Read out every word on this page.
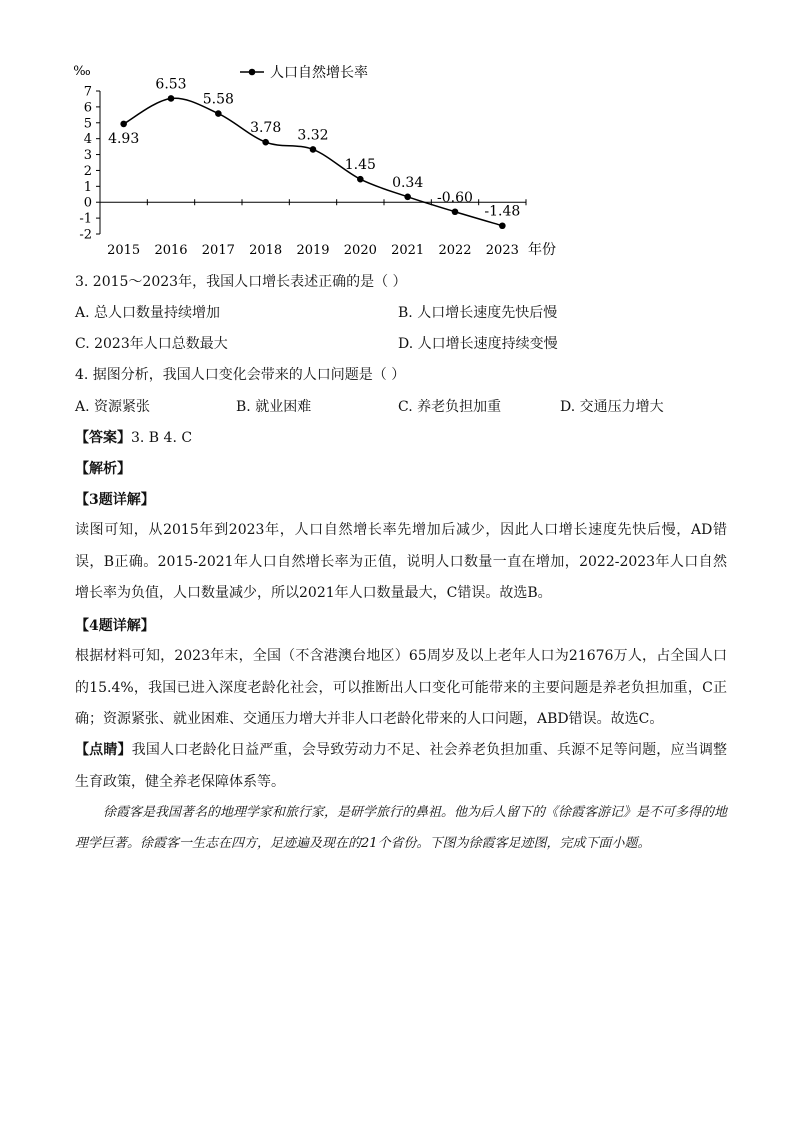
7
6
5
4
3
2
1
0
-1
-2
‰
2015 2016 2017 2018 2019 2020 2021 2022 2023 年份
4.93
6.53
5.58
3.78 3.32
1.45
0.34
-0.60
-1.48
人口自然增长率
3. 2015～2023年，我国人口增长表述正确的是（ ）
A. 总人口数量持续增加	B. 人口增长速度先快后慢
C. 2023年人口总数最大	D. 人口增长速度持续变慢
4. 据图分析，我国人口变化会带来的人口问题是（ ）
A. 资源紧张	B. 就业困难	C. 养老负担加重	D. 交通压力增大
【答案】3. B 4. C
【解析】
【3题详解】
读图可知，从2015年到2023年，人口自然增长率先增加后减少，因此人口增长速度先快后慢，AD错误，B正确。2015-2021年人口自然增长率为正值，说明人口数量一直在增加，2022-2023年人口自然增长率为负值，人口数量减少，所以2021年人口数量最大，C错误。故选B。
【4题详解】
根据材料可知，2023年末，全国（不含港澳台地区）65周岁及以上老年人口为21676万人，占全国人口的15.4%，我国已进入深度老龄化社会，可以推断出人口变化可能带来的主要问题是养老负担加重，C正确；资源紧张、就业困难、交通压力增大并非人口老龄化带来的人口问题，ABD错误。故选C。
【点睛】我国人口老龄化日益严重，会导致劳动力不足、社会养老负担加重、兵源不足等问题，应当调整生育政策，健全养老保障体系等。
徐霞客是我国著名的地理学家和旅行家，是研学旅行的鼻祖。他为后人留下的《徐霞客游记》是不可多得的地理学巨著。徐霞客一生志在四方，足迹遍及现在的21个省份。下图为徐霞客足迹图，完成下面小题。
